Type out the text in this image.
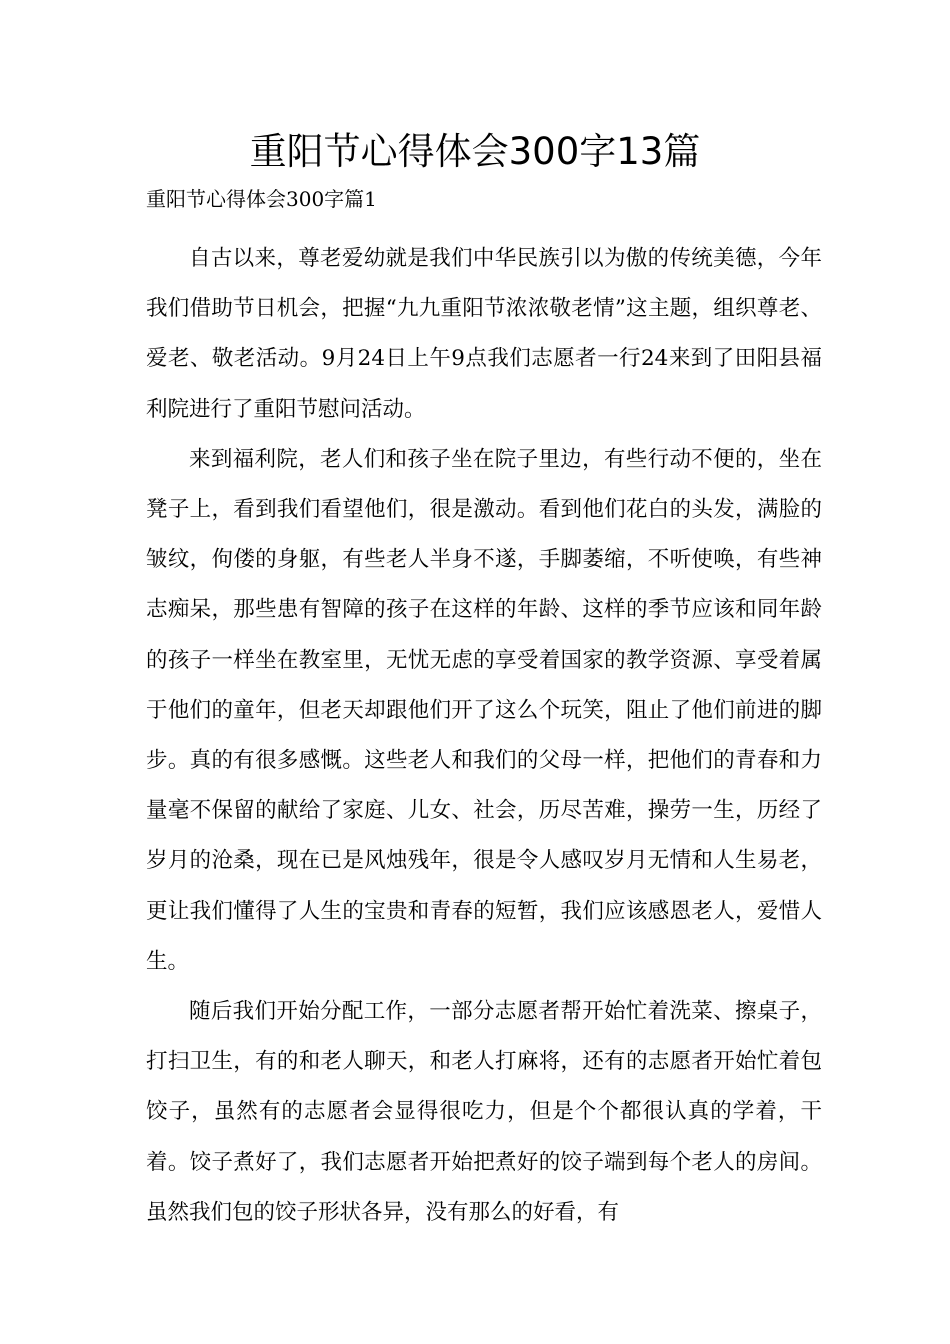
重阳节心得体会300字13篇
重阳节心得体会300字篇1

自古以来，尊老爱幼就是我们中华民族引以为傲的传统美德，今年我们借助节日机会，把握“九九重阳节浓浓敬老情”这主题，组织尊老、爱老、敬老活动。9月24日上午9点我们志愿者一行24来到了田阳县福利院进行了重阳节慰问活动。

来到福利院，老人们和孩子坐在院子里边，有些行动不便的，坐在凳子上，看到我们看望他们，很是激动。看到他们花白的头发，满脸的皱纹，佝偻的身躯，有些老人半身不遂，手脚萎缩，不听使唤，有些神志痴呆，那些患有智障的孩子在这样的年龄、这样的季节应该和同年龄的孩子一样坐在教室里，无忧无虑的享受着国家的教学资源、享受着属于他们的童年，但老天却跟他们开了这么个玩笑，阻止了他们前进的脚步。真的有很多感慨。这些老人和我们的父母一样，把他们的青春和力量毫不保留的献给了家庭、儿女、社会，历尽苦难，操劳一生，历经了岁月的沧桑，现在已是风烛残年，很是令人感叹岁月无情和人生易老，更让我们懂得了人生的宝贵和青春的短暂，我们应该感恩老人，爱惜人生。

随后我们开始分配工作，一部分志愿者帮开始忙着洗菜、擦桌子，打扫卫生，有的和老人聊天，和老人打麻将，还有的志愿者开始忙着包饺子，虽然有的志愿者会显得很吃力，但是个个都很认真的学着，干着。饺子煮好了，我们志愿者开始把煮好的饺子端到每个老人的房间。虽然我们包的饺子形状各异，没有那么的好看，有
